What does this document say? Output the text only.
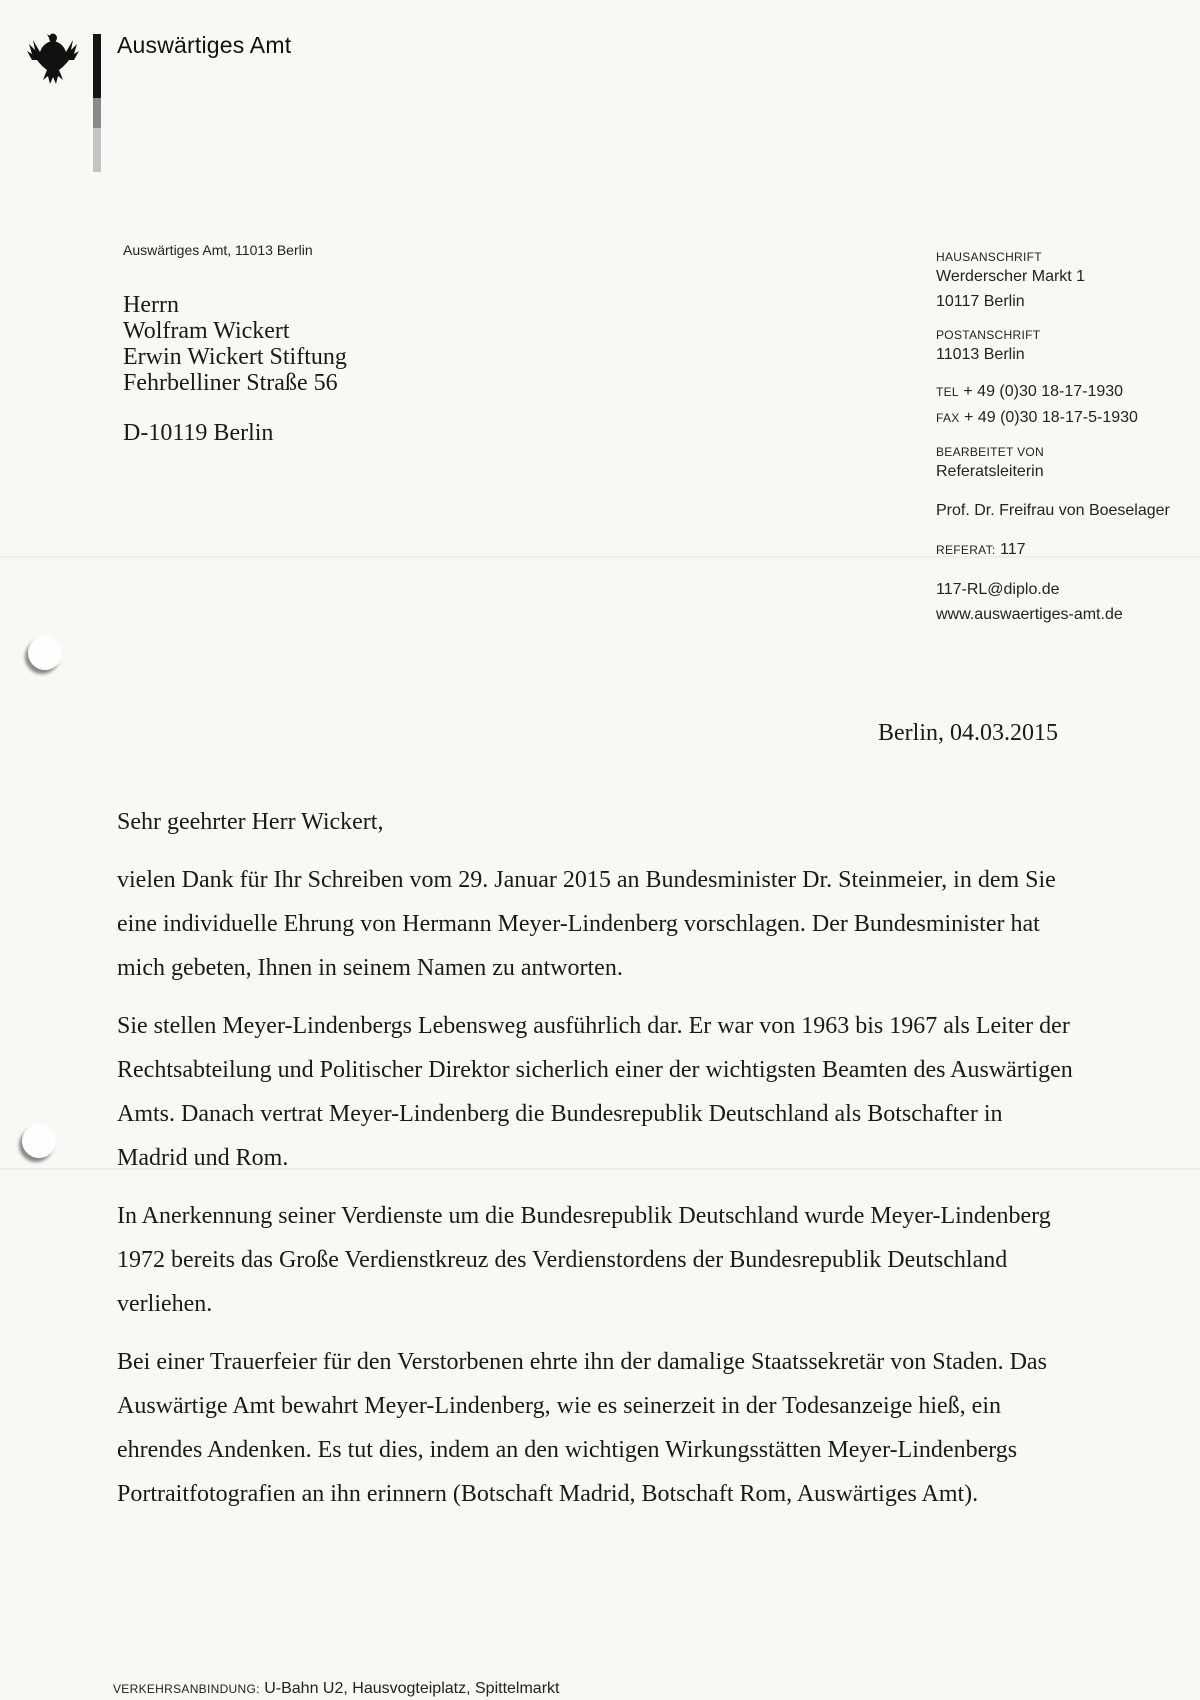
Auswärtiges Amt
Auswärtiges Amt, 11013 Berlin
Herrn
Wolfram Wickert
Erwin Wickert Stiftung
Fehrbelliner Straße 56
D-10119 Berlin
HAUSANSCHRIFT
Werderscher Markt 1
10117 Berlin
POSTANSCHRIFT
11013 Berlin
TEL + 49 (0)30 18-17-1930
FAX + 49 (0)30 18-17-5-1930
BEARBEITET VON
Referatsleiterin
Prof. Dr. Freifrau von Boeselager
REFERAT: 117
117-RL@diplo.de
www.auswaertiges-amt.de
Berlin, 04.03.2015

Sehr geehrter Herr Wickert,

vielen Dank für Ihr Schreiben vom 29. Januar 2015 an Bundesminister Dr. Steinmeier, in dem Sie eine individuelle Ehrung von Hermann Meyer-Lindenberg vorschlagen. Der Bundesminister hat mich gebeten, Ihnen in seinem Namen zu antworten.

Sie stellen Meyer-Lindenbergs Lebensweg ausführlich dar. Er war von 1963 bis 1967 als Leiter der Rechtsabteilung und Politischer Direktor sicherlich einer der wichtigsten Beamten des Auswärtigen Amts. Danach vertrat Meyer-Lindenberg die Bundesrepublik Deutschland als Botschafter in Madrid und Rom.

In Anerkennung seiner Verdienste um die Bundesrepublik Deutschland wurde Meyer-Lindenberg 1972 bereits das Große Verdienstkreuz des Verdienstordens der Bundesrepublik Deutschland verliehen.

Bei einer Trauerfeier für den Verstorbenen ehrte ihn der damalige Staatssekretär von Staden. Das Auswärtige Amt bewahrt Meyer-Lindenberg, wie es seinerzeit in der Todesanzeige hieß, ein ehrendes Andenken. Es tut dies, indem an den wichtigen Wirkungsstätten Meyer-Lindenbergs Portraitfotografien an ihn erinnern (Botschaft Madrid, Botschaft Rom, Auswärtiges Amt).

VERKEHRSANBINDUNG: U-Bahn U2, Hausvogteiplatz, Spittelmarkt
